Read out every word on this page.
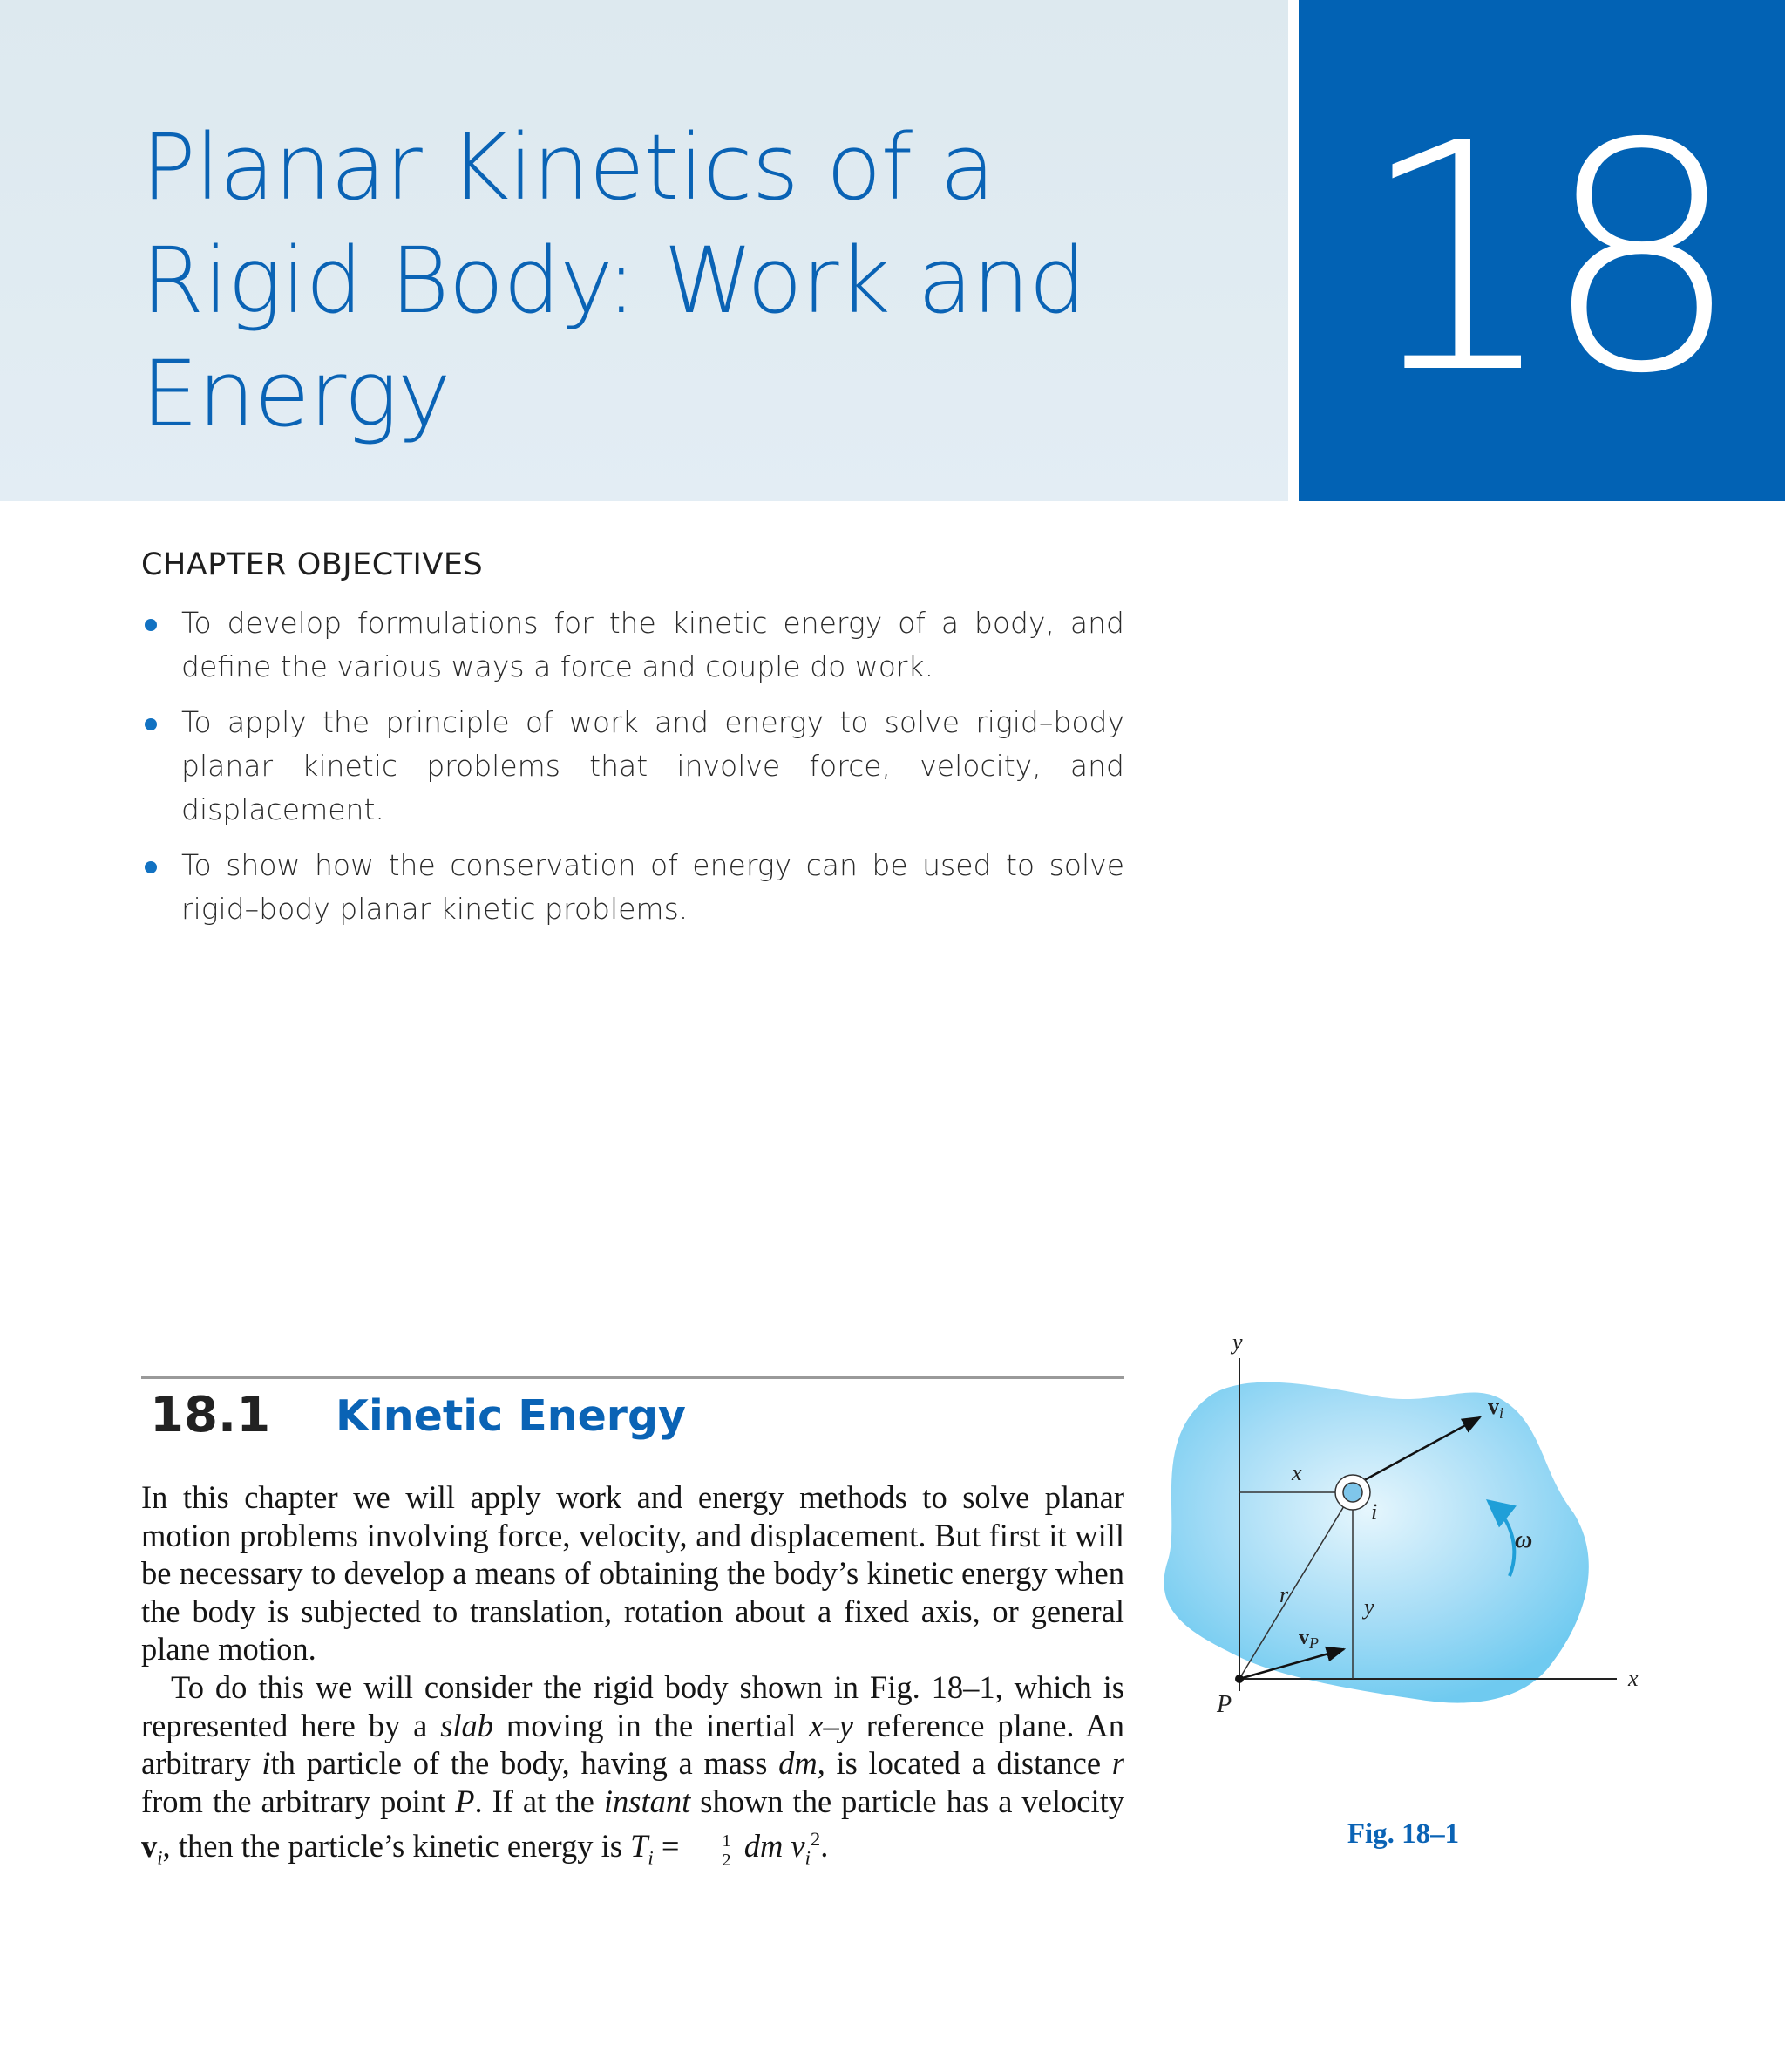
Planar Kinetics of a
Rigid Body: Work and
Energy	18
CHAPTER OBJECTIVES
To develop formulations for the kinetic energy of a body, and define the various ways a force and couple do work.
To apply the principle of work and energy to solve rigid–body planar kinetic problems that involve force, velocity, and displacement.
To show how the conservation of energy can be used to solve rigid–body planar kinetic problems.
18.1 Kinetic Energy

In this chapter we will apply work and energy methods to solve planar motion problems involving force, velocity, and displacement. But first it will be necessary to develop a means of obtaining the body’s kinetic energy when the body is subjected to translation, rotation about a fixed axis, or general plane motion.

To do this we will consider the rigid body shown in Fig. 18–1, which is represented here by a slab moving in the inertial x–y reference plane. An arbitrary ith particle of the body, having a mass dm, is located a distance r from the arbitrary point P. If at the instant shown the particle has a velocity $v_i$, then the particle’s kinetic energy is $T_i = \frac{1}{2}$ dm $v_i^2$.

y
x
vi
ω
x
i
r	y
$v_P$
P
Fig. 18–1
